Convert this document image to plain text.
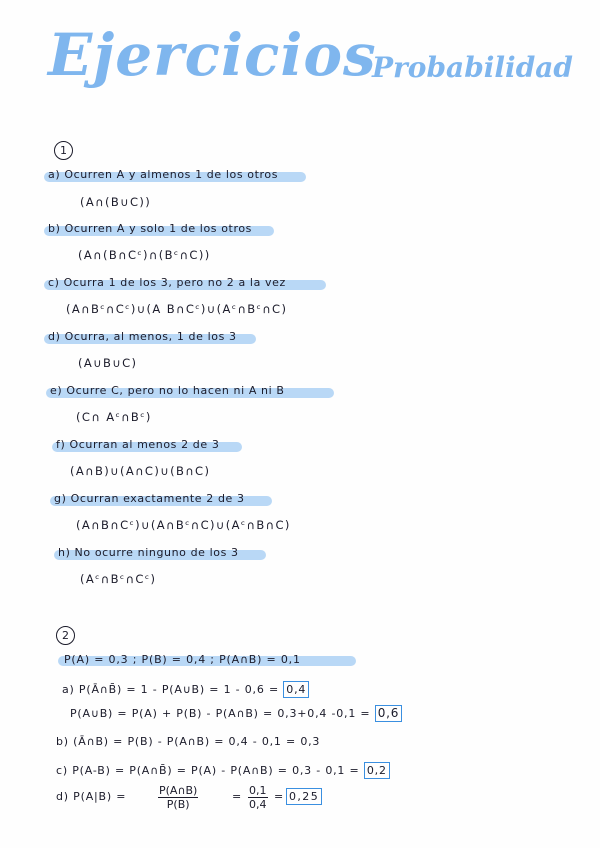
Ejercicios
Probabilidad
1
a) Ocurren A y almenos 1 de los otros
(A∩(B∪C))
b) Ocurren A y solo 1 de los otros
(A∩(B∩Cᶜ)∩(Bᶜ∩C))
c) Ocurra 1 de los 3, pero no 2 a la vez
(A∩Bᶜ∩Cᶜ)∪(A B∩Cᶜ)∪(Aᶜ∩Bᶜ∩C)
d) Ocurra, al menos, 1 de los 3
(A∪B∪C)
e) Ocurre C, pero no lo hacen ni A ni B
(C∩ Aᶜ∩Bᶜ)
f) Ocurran al menos 2 de 3
(A∩B)∪(A∩C)∪(B∩C)
g) Ocurran exactamente 2 de 3
(A∩B∩Cᶜ)∪(A∩Bᶜ∩C)∪(Aᶜ∩B∩C)
h) No ocurre ninguno de los 3
(Aᶜ∩Bᶜ∩Cᶜ)
2
P(A) = 0,3 ; P(B) = 0,4 ; P(A∩B) = 0,1
a) P(Ā∩B̄) = 1 - P(A∪B) = 1 - 0,6 = 0,4
P(A∪B) = P(A) + P(B) - P(A∩B) = 0,3+0,4 -0,1 = 0,6
b) (Ā∩B) = P(B) - P(A∩B) = 0,4 - 0,1 = 0,3
c) P(A-B) = P(A∩B̄) = P(A) - P(A∩B) = 0,3 - 0,1 = 0,2
d) P(A|B) =	$\frac{P(A\cap B)}{P(B)}$	= $\frac{0,1}{0,4} = 0,25$
